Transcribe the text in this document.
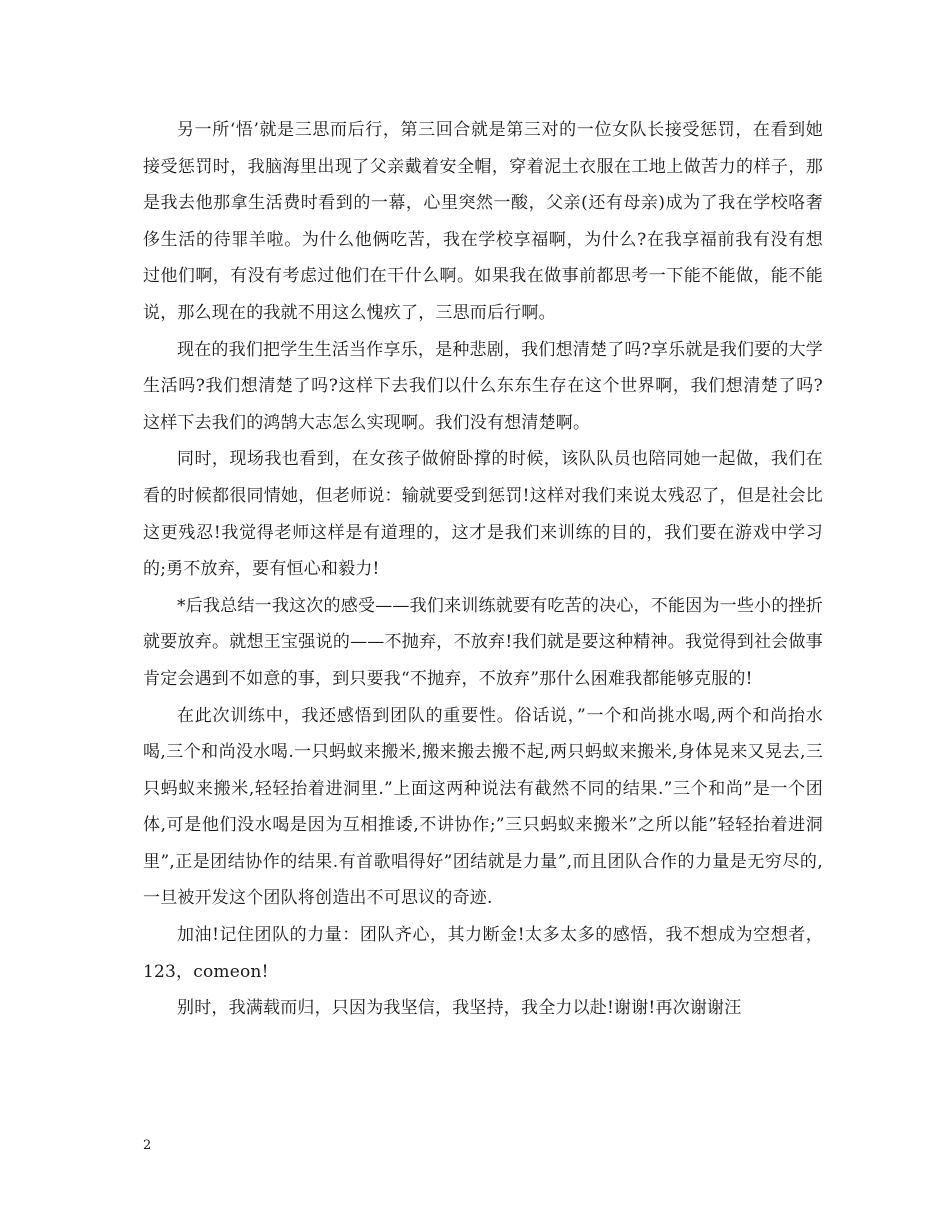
另一所‘悟’就是三思而后行，第三回合就是第三对的一位女队长接受惩罚，在看到她接受惩罚时，我脑海里出现了父亲戴着安全帽，穿着泥土衣服在工地上做苦力的样子，那是我去他那拿生活费时看到的一幕，心里突然一酸，父亲(还有母亲)成为了我在学校咯奢侈生活的待罪羊啦。为什么他俩吃苦，我在学校享福啊，为什么?在我享福前我有没有想过他们啊，有没有考虑过他们在干什么啊。如果我在做事前都思考一下能不能做，能不能说，那么现在的我就不用这么愧疚了，三思而后行啊。

现在的我们把学生生活当作享乐，是种悲剧，我们想清楚了吗?享乐就是我们要的大学生活吗?我们想清楚了吗?这样下去我们以什么东东生存在这个世界啊，我们想清楚了吗?这样下去我们的鸿鹄大志怎么实现啊。我们没有想清楚啊。

同时，现场我也看到，在女孩子做俯卧撑的时候，该队队员也陪同她一起做，我们在看的时候都很同情她，但老师说：输就要受到惩罚!这样对我们来说太残忍了，但是社会比这更残忍!我觉得老师这样是有道理的，这才是我们来训练的目的，我们要在游戏中学习的;勇不放弃，要有恒心和毅力!

*后我总结一我这次的感受——我们来训练就要有吃苦的决心，不能因为一些小的挫折就要放弃。就想王宝强说的——不抛弃，不放弃!我们就是要这种精神。我觉得到社会做事肯定会遇到不如意的事，到只要我“不抛弃，不放弃”那什么困难我都能够克服的!

在此次训练中，我还感悟到团队的重要性。俗话说，”一个和尚挑水喝,两个和尚抬水喝,三个和尚没水喝.一只蚂蚁来搬米,搬来搬去搬不起,两只蚂蚁来搬米,身体晃来又晃去,三只蚂蚁来搬米,轻轻抬着进洞里.”上面这两种说法有截然不同的结果.”三个和尚”是一个团体,可是他们没水喝是因为互相推诿,不讲协作;”三只蚂蚁来搬米”之所以能”轻轻抬着进洞里”,正是团结协作的结果.有首歌唱得好”团结就是力量”,而且团队合作的力量是无穷尽的,一旦被开发这个团队将创造出不可思议的奇迹.

加油!记住团队的力量：团队齐心，其力断金!太多太多的感悟，我不想成为空想者，123，comeon!

别时，我满载而归，只因为我坚信，我坚持，我全力以赴!谢谢!再次谢谢汪

2
